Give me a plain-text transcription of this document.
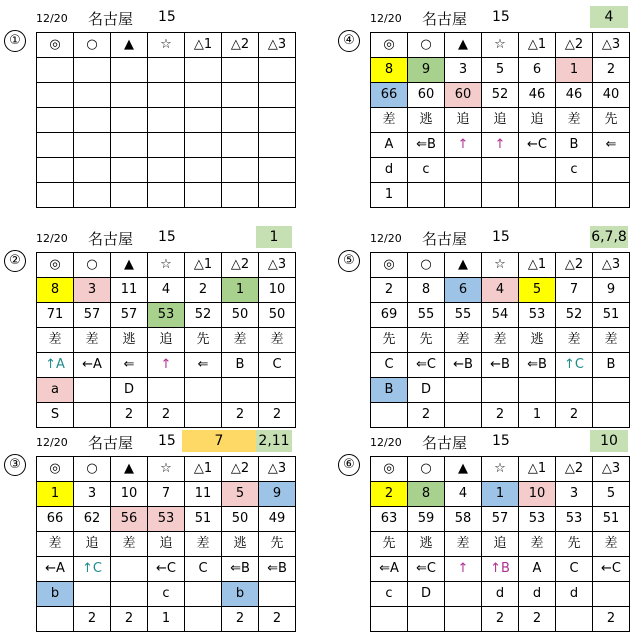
①
12/20 名古屋 15
◎	○	▲	☆	△1	△2	△3

							④
12/20 名古屋 15	4
◎	○	▲	☆	△1	△2	△3
8	9	3	5	6	1	2
66	60	60	52	46	46	40
差	逃	追	追	追	差	先
A	⇐B	↑	↑	←C	B	⇐
d	c				c	
1						
②
12/20 名古屋 15	1
◎	○	▲	☆	△1	△2	△3
8	3	11	4	2	1	10
71	57	57	53	52	50	50
差	差	逃	追	先	差	差
↑A	←A	⇐	↑	⇐	B	C
a		D				
S		2	2		2	2
⑤
12/20 名古屋 15	6,7,8
◎	○	▲	☆	△1	△2	△3
2	8	6	4	5	7	9
69	55	55	54	53	52	51
先	先	差	差	逃	差	差
C	⇐C	←B	←B	⇐B	↑C	B
B	D					
	2		2	1	2	
③
12/20 名古屋 15	7	2,11
◎	○	▲	☆	△1	△2	△3
1	3	10	7	11	5	9
66	62	56	53	51	50	49
差	追	差	追	差	逃	先
←A	↑C		←C	C	⇐B	⇐B
b			c		b	
	2	2	1		2	2
⑥
12/20 名古屋 15	10
◎	○	▲	☆	△1	△2	△3
2	8	4	1	10	3	5
63	59	58	57	53	53	51
先	逃	差	追	差	先	差
⇐A	⇐C	↑	↑B	A	C	←C
c	D		d	d	d	
			2	2		2
